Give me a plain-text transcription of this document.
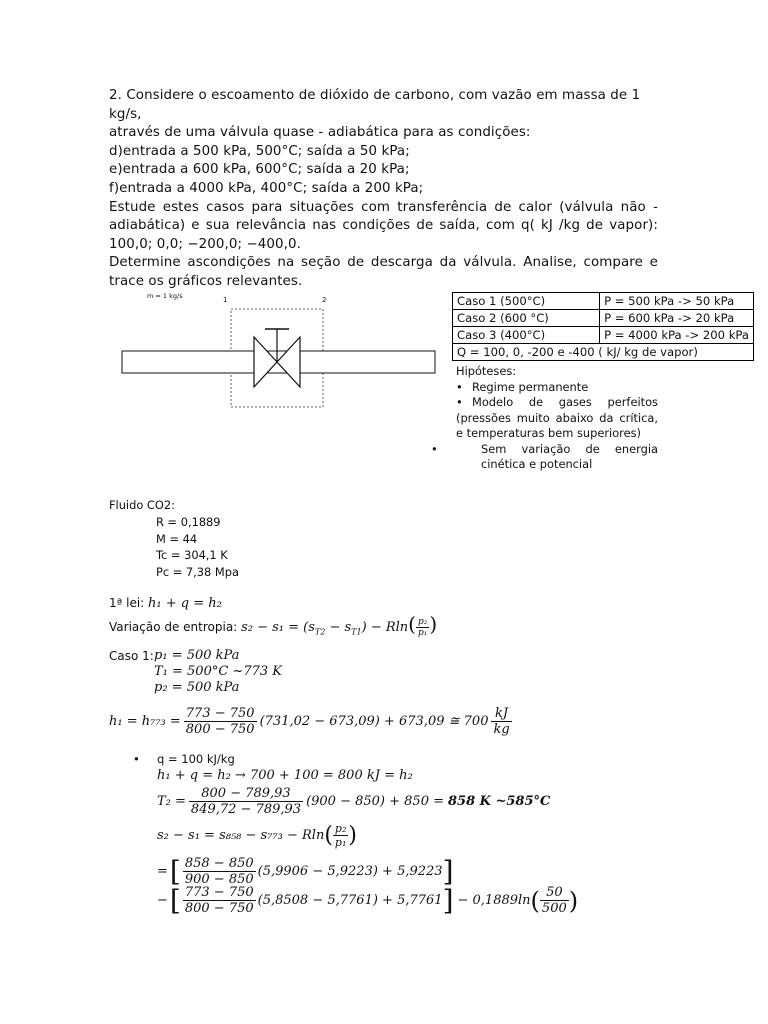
2. Considere o escoamento de dióxido de carbono, com vazão em massa de 1 kg/s,

através de uma válvula quase - adiabática para as condições:

d)entrada a 500 kPa, 500°C; saída a 50 kPa;

e)entrada a 600 kPa, 600°C; saída a 20 kPa;

f)entrada a 4000 kPa, 400°C; saída a 200 kPa;

Estude estes casos para situações com transferência de calor (válvula não - adiabática) e sua relevância nas condições de saída, com q( kJ /kg de vapor): 100,0; 0,0; −200,0; −400,0.

Determine ascondições na seção de descarga da válvula. Analise, compare e trace os gráficos relevantes.

m = 1 kg/s	1	2	Caso 1 (500°C)	P = 500 kPa -> 50 kPa
Caso 2 (600 °C)	P = 600 kPa -> 20 kPa
Caso 3 (400°C)	P = 4000 kPa -> 200 kPa
Q = 100, 0, -200 e -400 ( kJ/ kg de vapor)	
Hipóteses:
• Regime permanente
• Modelo de gases perfeitos (pressões muito abaixo da crítica, e temperaturas bem superiores)
•	Sem variação de energia cinética e potencial
Fluido CO2:
R = 0,1889
M = 44
Tc = 304,1 K
Pc = 7,38 Mpa
1ª lei: h₁ + q = h₂
Variação de entropia: $s_2 - s_1 = (s_{T2} - s_{T1}) - Rln( \frac{\text{p₂}}{\text{p₁}}$ )
Caso 1: p₁ = 500 kPa
T₁ = 500°C ~773 K
p₂ = 500 kPa
$h_1 = h_{773} = \frac{773 - 750}{800 - 750} (731,02 - 673,09) + 673,09$ ≅ $700 \frac{kJ}{kg}$
• q = 100 kJ/kg
h₁ + q = h₂ → 700 + 100 = 800 kJ = h₂
$T_2 = \frac{800 - 789,93}{849,72 - 789,93} (900 - 850) + 850 = 858$ K ~585°C
s₂ − s₁ = s₈₅₈ − s₇₇₃ − Rln ( $\frac{\text{p₂}}{\text{p₁}}$ )
= [ $\frac{858 - 850}{900 - 850} (5,9906 - 5,9223) + 5,9223$ ]
− [ $\frac{773 - 750}{800 - 750} (5,8508 - 5,7761) + 5,7761$ ] − 0,1889ln ( $\frac{50}{500}$ )
